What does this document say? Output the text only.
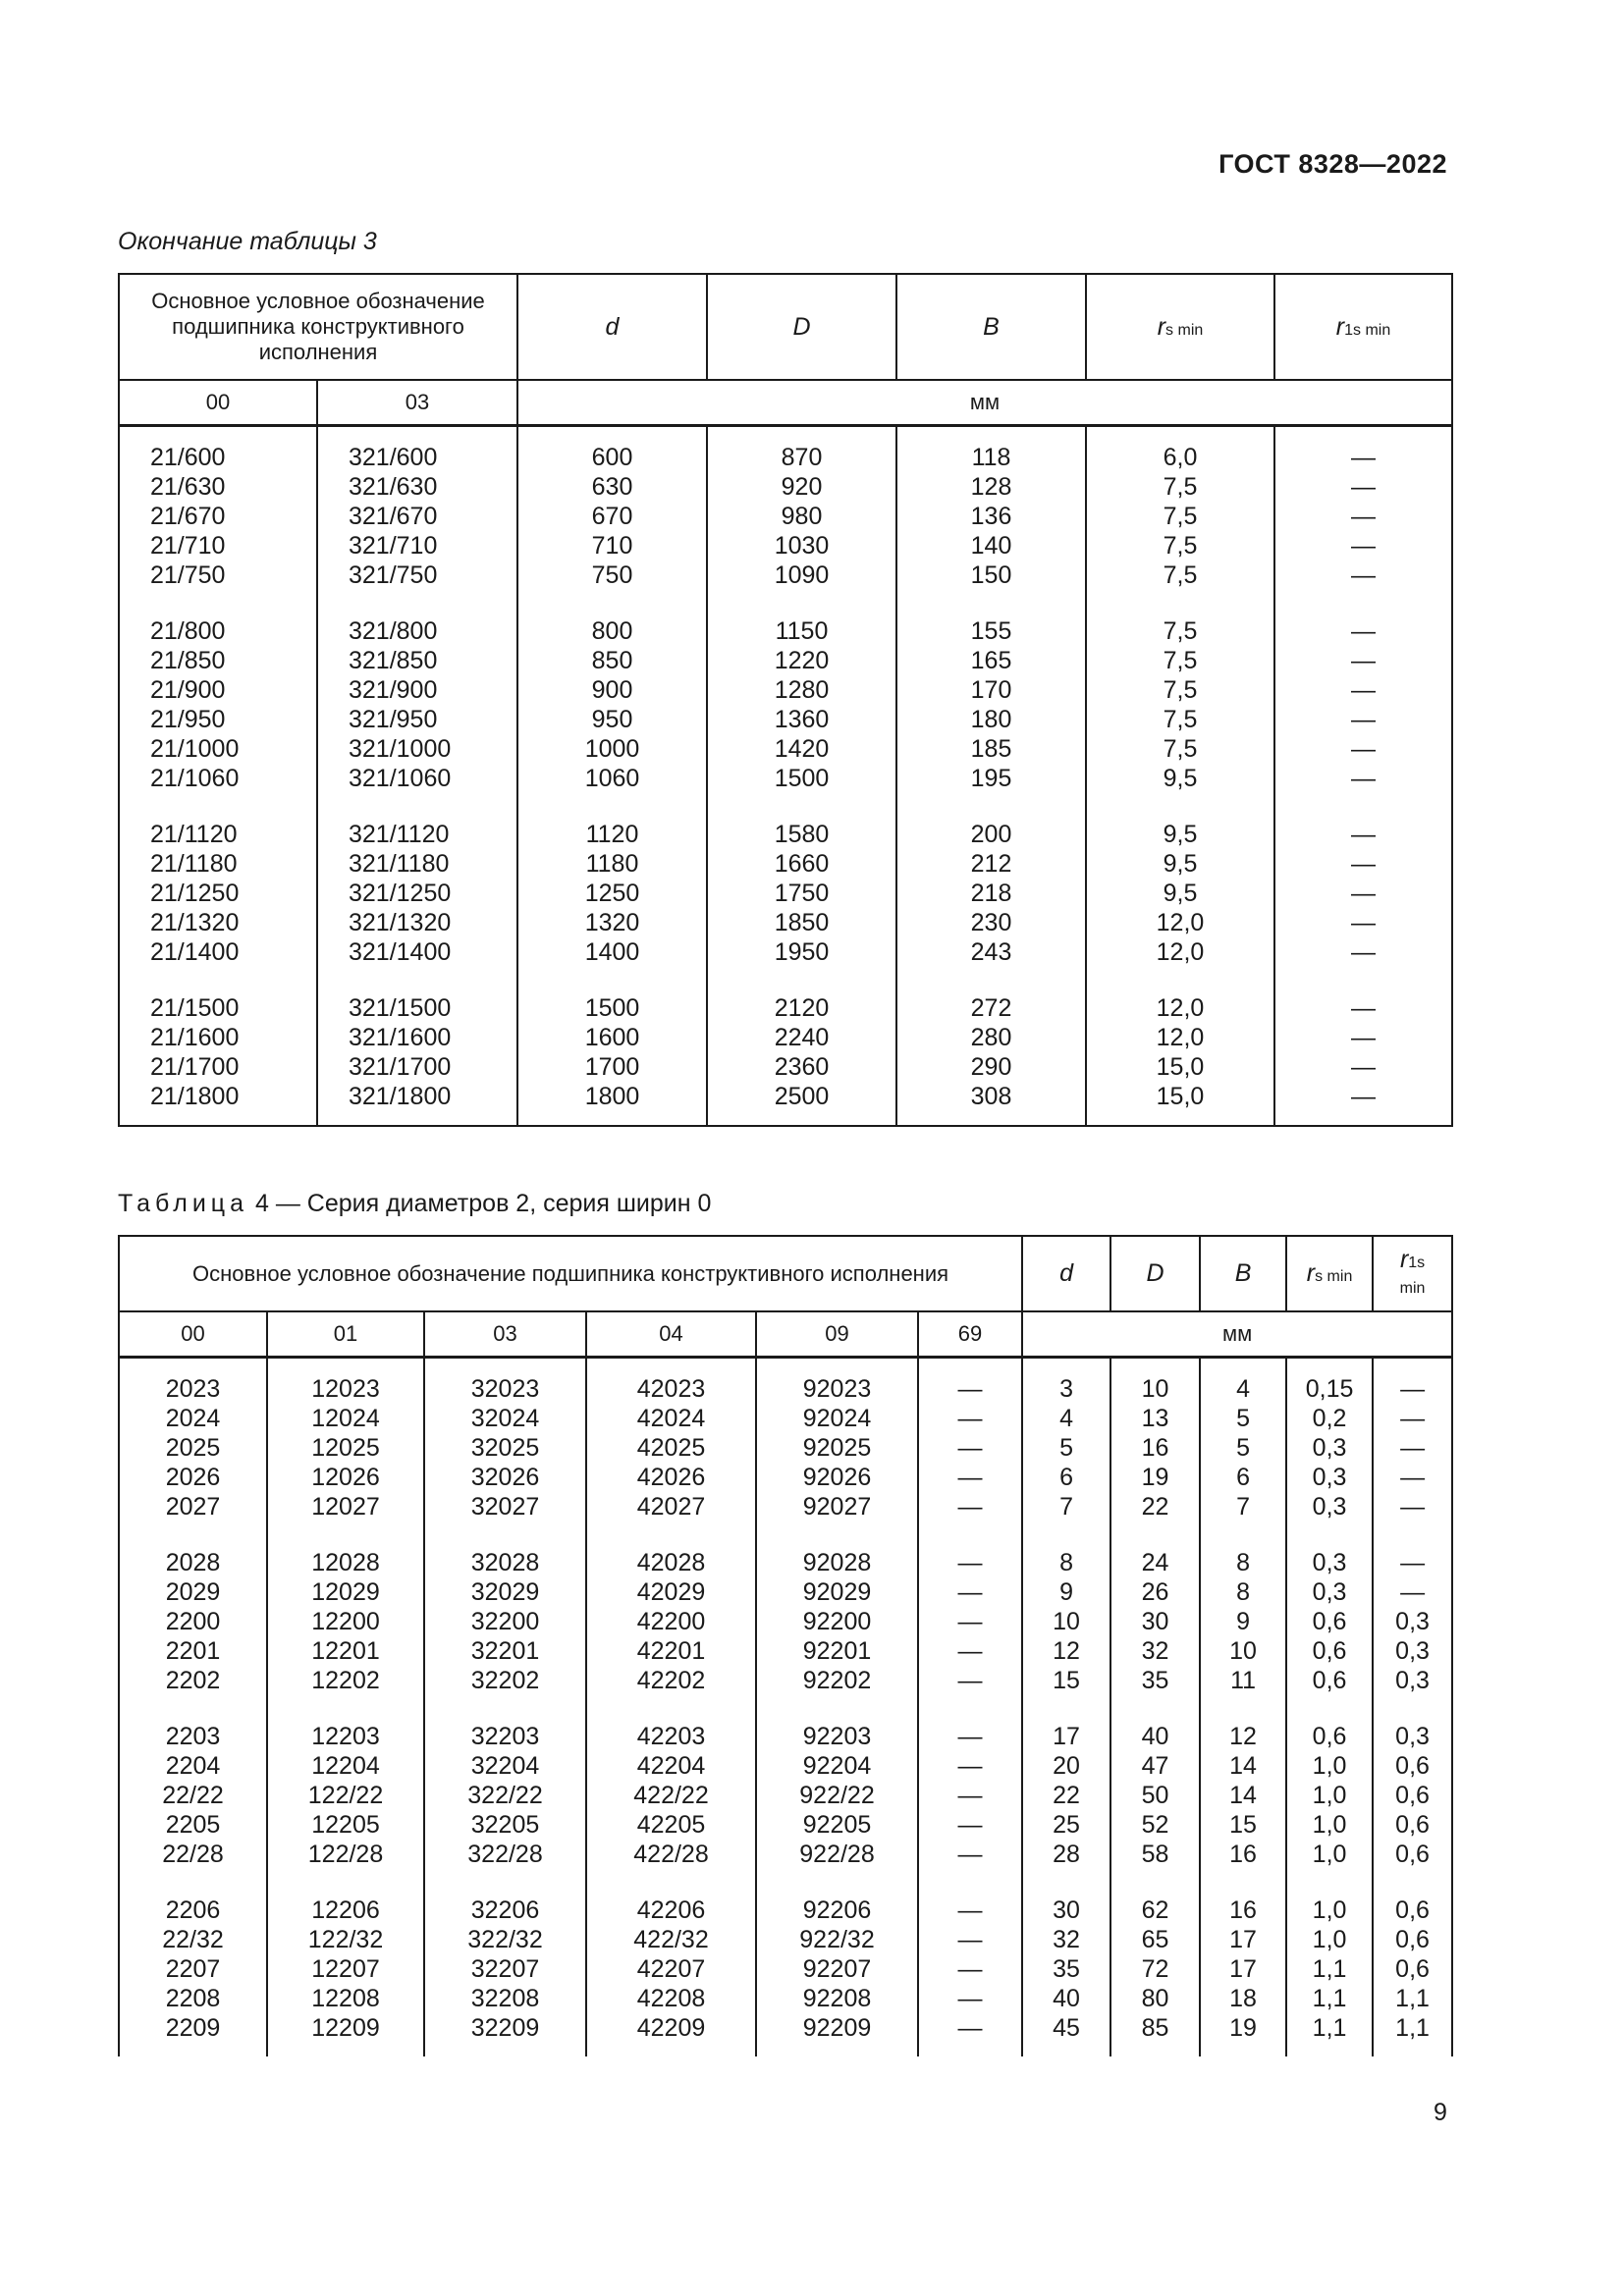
ГОСТ 8328—2022
Окончание таблицы 3
Основное условное обозначение подшипника конструктивного исполнения		d	D	B	rs min	r1s min
00	03	мм				
21/600	321/600	600	870	118	6,0	—
21/630	321/630	630	920	128	7,5	—
21/670	321/670	670	980	136	7,5	—
21/710	321/710	710	1030	140	7,5	—
21/750	321/750	750	1090	150	7,5	—
21/800	321/800	800	1150	155	7,5	—
21/850	321/850	850	1220	165	7,5	—
21/900	321/900	900	1280	170	7,5	—
21/950	321/950	950	1360	180	7,5	—
21/1000	321/1000	1000	1420	185	7,5	—
21/1060	321/1060	1060	1500	195	9,5	—
21/1120	321/1120	1120	1580	200	9,5	—
21/1180	321/1180	1180	1660	212	9,5	—
21/1250	321/1250	1250	1750	218	9,5	—
21/1320	321/1320	1320	1850	230	12,0	—
21/1400	321/1400	1400	1950	243	12,0	—
21/1500	321/1500	1500	2120	272	12,0	—
21/1600	321/1600	1600	2240	280	12,0	—
21/1700	321/1700	1700	2360	290	15,0	—
21/1800	321/1800	1800	2500	308	15,0	—
Таблица 4 — Серия диаметров 2, серия ширин 0
Основное условное обозначение подшипника конструктивного исполнения						d	D	B	rs min	r1s
min
00	01	03	04	09	69	мм				
2023	12023	32023	42023	92023	—	3	10	4	0,15	—
2024	12024	32024	42024	92024	—	4	13	5	0,2	—
2025	12025	32025	42025	92025	—	5	16	5	0,3	—
2026	12026	32026	42026	92026	—	6	19	6	0,3	—
2027	12027	32027	42027	92027	—	7	22	7	0,3	—
2028	12028	32028	42028	92028	—	8	24	8	0,3	—
2029	12029	32029	42029	92029	—	9	26	8	0,3	—
2200	12200	32200	42200	92200	—	10	30	9	0,6	0,3
2201	12201	32201	42201	92201	—	12	32	10	0,6	0,3
2202	12202	32202	42202	92202	—	15	35	11	0,6	0,3
2203	12203	32203	42203	92203	—	17	40	12	0,6	0,3
2204	12204	32204	42204	92204	—	20	47	14	1,0	0,6
22/22	122/22	322/22	422/22	922/22	—	22	50	14	1,0	0,6
2205	12205	32205	42205	92205	—	25	52	15	1,0	0,6
22/28	122/28	322/28	422/28	922/28	—	28	58	16	1,0	0,6
2206	12206	32206	42206	92206	—	30	62	16	1,0	0,6
22/32	122/32	322/32	422/32	922/32	—	32	65	17	1,0	0,6
2207	12207	32207	42207	92207	—	35	72	17	1,1	0,6
2208	12208	32208	42208	92208	—	40	80	18	1,1	1,1
2209	12209	32209	42209	92209	—	45	85	19	1,1	1,1
9
